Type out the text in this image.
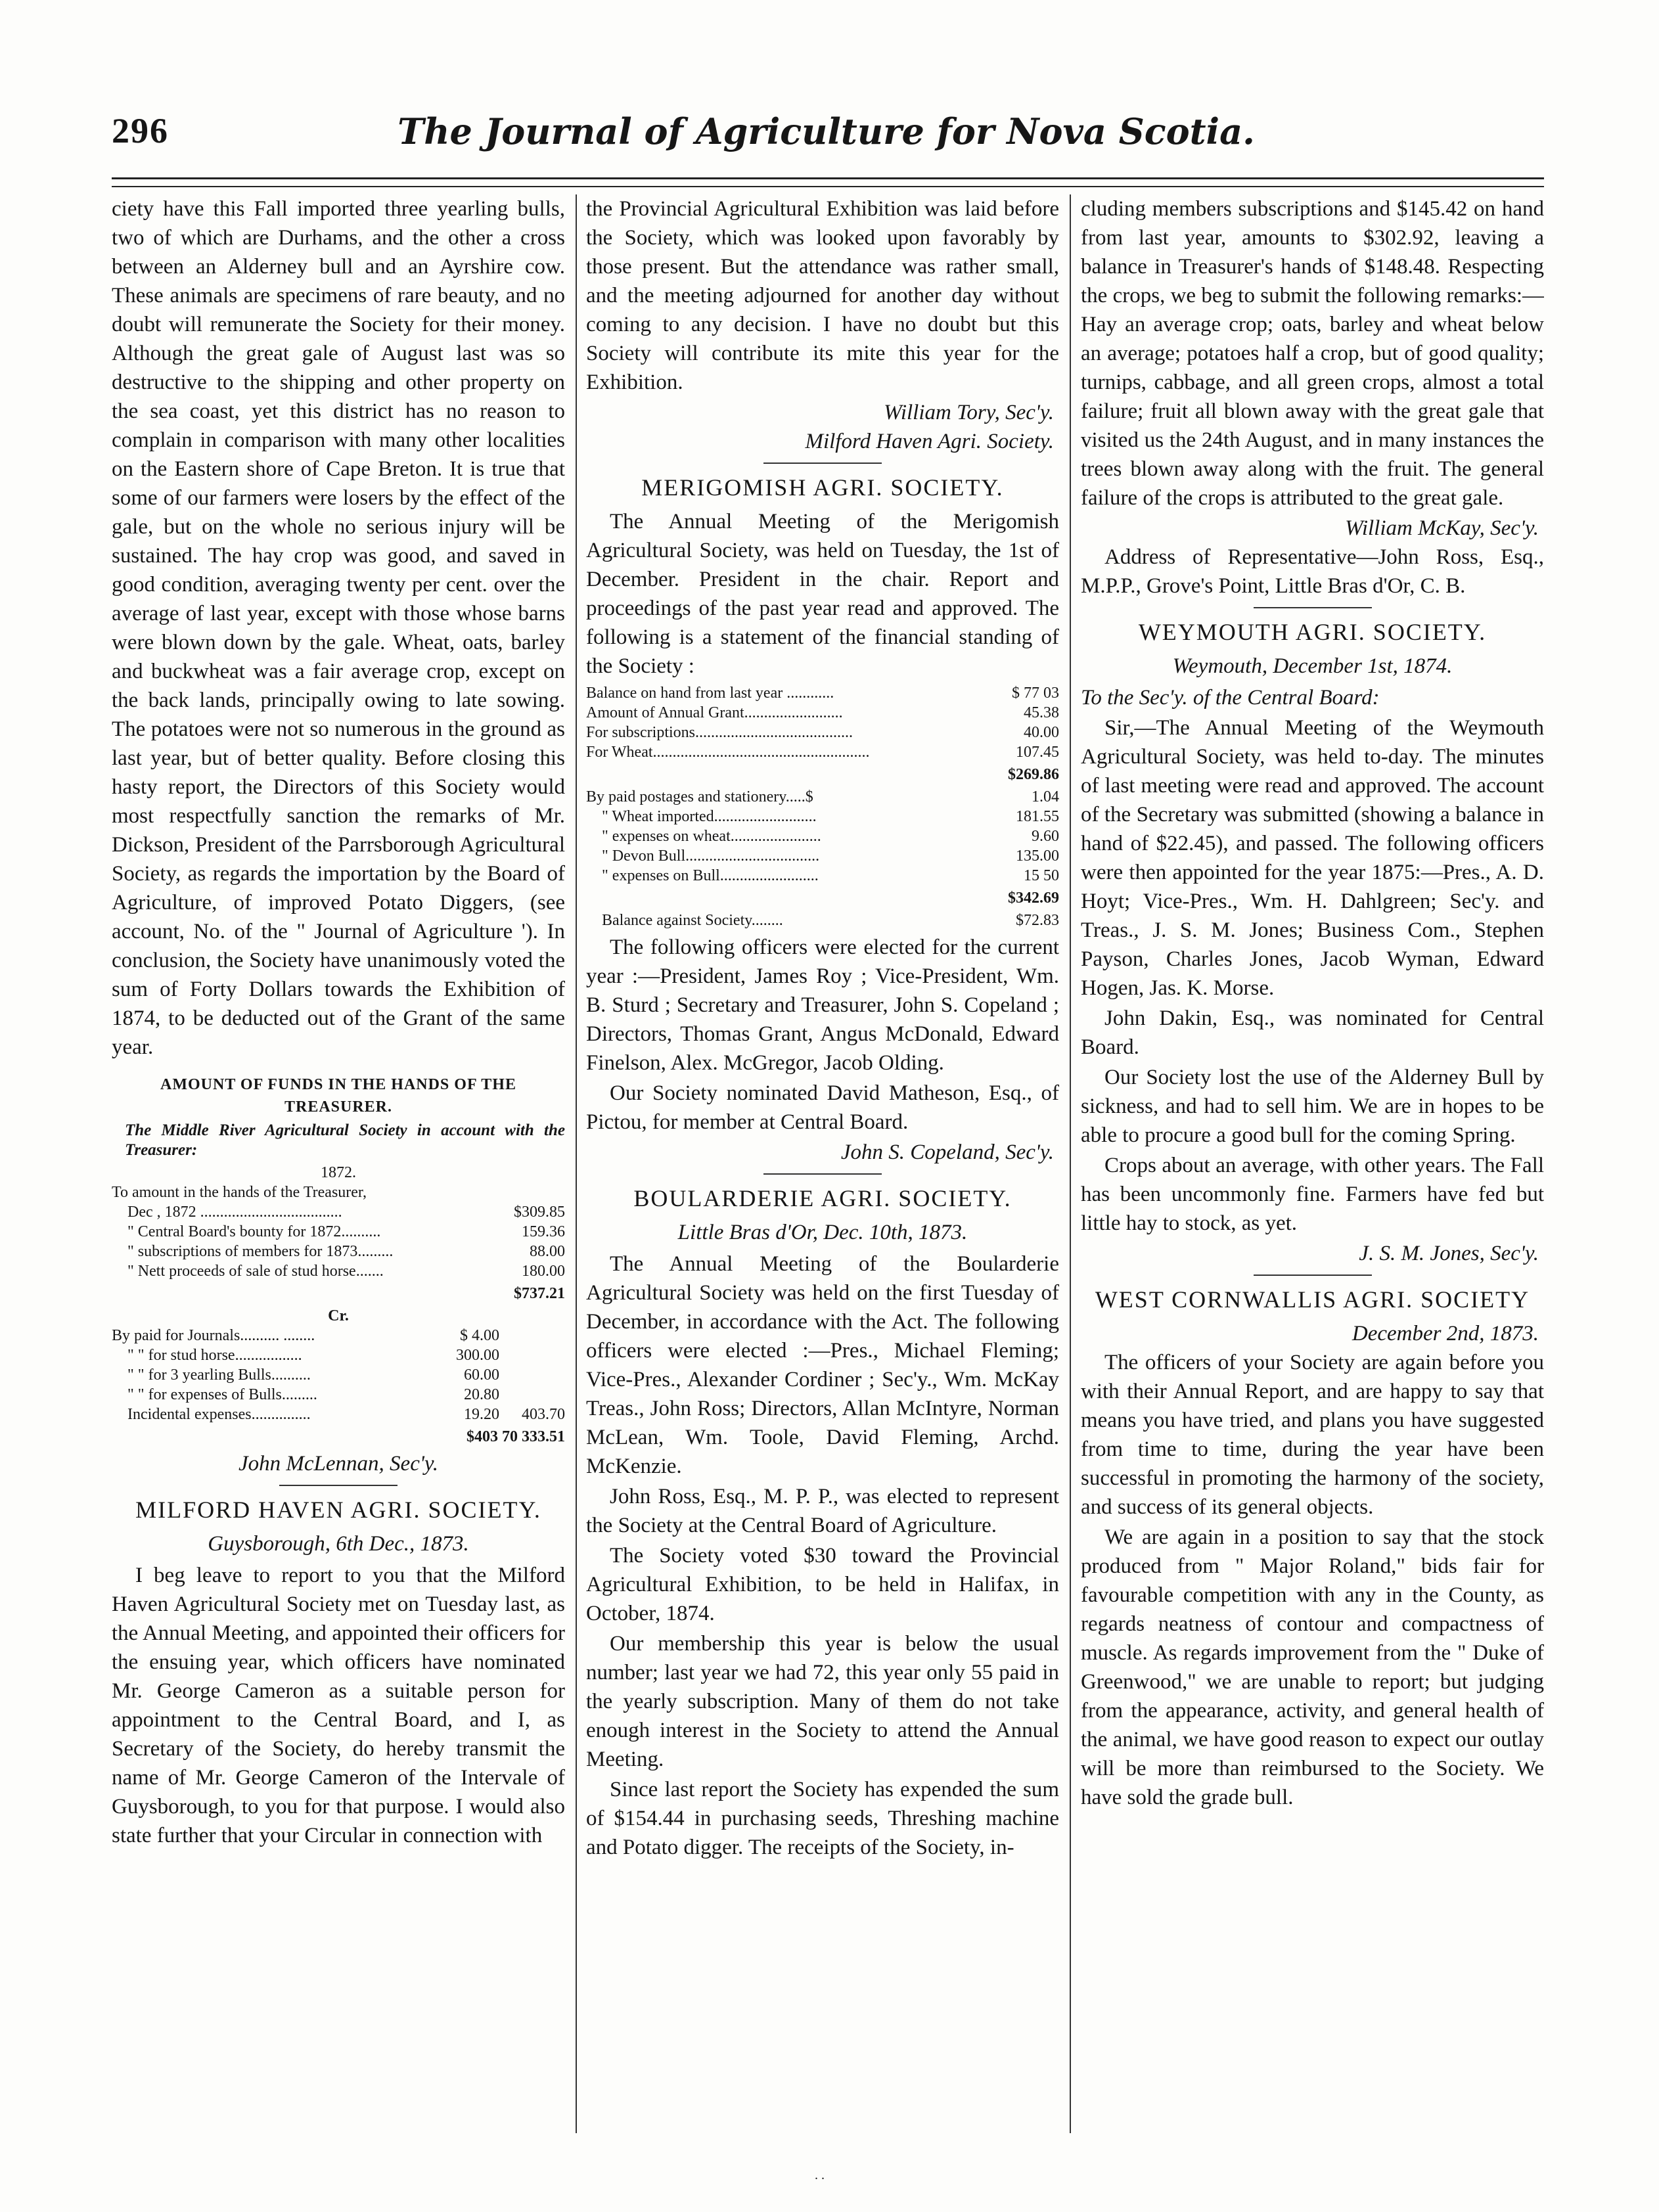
296	The Journal of Agriculture for Nova Scotia.

ciety have this Fall imported three yearling bulls, two of which are Durhams, and the other a cross between an Alderney bull and an Ayrshire cow. These animals are specimens of rare beauty, and no doubt will remunerate the Society for their money. Although the great gale of August last was so destructive to the shipping and other property on the sea coast, yet this district has no reason to complain in comparison with many other localities on the Eastern shore of Cape Breton. It is true that some of our farmers were losers by the effect of the gale, but on the whole no serious injury will be sustained. The hay crop was good, and saved in good condition, averaging twenty per cent. over the average of last year, except with those whose barns were blown down by the gale. Wheat, oats, barley and buckwheat was a fair average crop, except on the back lands, principally owing to late sowing. The potatoes were not so numerous in the ground as last year, but of better quality. Before closing this hasty report, the Directors of this Society would most respectfully sanction the remarks of Mr. Dickson, President of the Parrsborough Agricultural Society, as regards the importation by the Board of Agriculture, of improved Potato Diggers, (see account, No. of the " Journal of Agriculture '). In conclusion, the Society have unanimously voted the sum of Forty Dollars towards the Exhibition of 1874, to be deducted out of the Grant of the same year.

AMOUNT OF FUNDS IN THE HANDS OF THE TREASURER.
The Middle River Agricultural Society in account with the Treasurer:
1872.
To amount in the hands of the Treasurer,
Dec , 1872 ....................................	$309.85
" Central Board's bounty for 1872..........	159.36
" subscriptions of members for 1873.........	88.00
" Nett proceeds of sale of stud horse.......	180.00
$737.21
Cr.
By paid for Journals.......... ........	$ 4.00
" " for stud horse.................	300.00
" " for 3 yearling Bulls..........	60.00
" " for expenses of Bulls.........	20.80
Incidental expenses...............	19.20	403.70
$403 70 333.51
John McLennan, Sec'y.
MILFORD HAVEN AGRI. SOCIETY.
Guysborough, 6th Dec., 1873.

I beg leave to report to you that the Milford Haven Agricultural Society met on Tuesday last, as the Annual Meeting, and appointed their officers for the ensuing year, which officers have nominated Mr. George Cameron as a suitable person for appointment to the Central Board, and I, as Secretary of the Society, do hereby transmit the name of Mr. George Cameron of the Intervale of Guysborough, to you for that purpose. I would also state further that your Circular in connection with

the Provincial Agricultural Exhibition was laid before the Society, which was looked upon favorably by those present. But the attendance was rather small, and the meeting adjourned for another day without coming to any decision. I have no doubt but this Society will contribute its mite this year for the Exhibition.

William Tory, Sec'y.
Milford Haven Agri. Society.
MERIGOMISH AGRI. SOCIETY.

The Annual Meeting of the Merigomish Agricultural Society, was held on Tuesday, the 1st of December. President in the chair. Report and proceedings of the past year read and approved. The following is a statement of the financial standing of the Society :

Balance on hand from last year ............	$ 77 03
Amount of Annual Grant.........................	45.38
For subscriptions........................................	40.00
For Wheat.......................................................	107.45
$269.86
By paid postages and stationery.....$	1.04
" Wheat imported..........................	181.55
" expenses on wheat.......................	9.60
" Devon Bull..................................	135.00
" expenses on Bull.........................	15 50
$342.69
Balance against Society........	$72.83

The following officers were elected for the current year :—President, James Roy ; Vice-President, Wm. B. Sturd ; Secretary and Treasurer, John S. Copeland ; Directors, Thomas Grant, Angus McDonald, Edward Finelson, Alex. McGregor, Jacob Olding.

Our Society nominated David Matheson, Esq., of Pictou, for member at Central Board.

John S. Copeland, Sec'y.
BOULARDERIE AGRI. SOCIETY.
Little Bras d'Or, Dec. 10th, 1873.

The Annual Meeting of the Boularderie Agricultural Society was held on the first Tuesday of December, in accordance with the Act. The following officers were elected :—Pres., Michael Fleming; Vice-Pres., Alexander Cordiner ; Sec'y., Wm. McKay Treas., John Ross; Directors, Allan McIntyre, Norman McLean, Wm. Toole, David Fleming, Archd. McKenzie.

John Ross, Esq., M. P. P., was elected to represent the Society at the Central Board of Agriculture.

The Society voted $30 toward the Provincial Agricultural Exhibition, to be held in Halifax, in October, 1874.

Our membership this year is below the usual number; last year we had 72, this year only 55 paid in the yearly subscription. Many of them do not take enough interest in the Society to attend the Annual Meeting.

Since last report the Society has expended the sum of $154.44 in purchasing seeds, Threshing machine and Potato digger. The receipts of the Society, in-

cluding members subscriptions and $145.42 on hand from last year, amounts to $302.92, leaving a balance in Treasurer's hands of $148.48. Respecting the crops, we beg to submit the following remarks:—Hay an average crop; oats, barley and wheat below an average; potatoes half a crop, but of good quality; turnips, cabbage, and all green crops, almost a total failure; fruit all blown away with the great gale that visited us the 24th August, and in many instances the trees blown away along with the fruit. The general failure of the crops is attributed to the great gale.

William McKay, Sec'y.

Address of Representative—John Ross, Esq., M.P.P., Grove's Point, Little Bras d'Or, C. B.

WEYMOUTH AGRI. SOCIETY.
Weymouth, December 1st, 1874.

To the Sec'y. of the Central Board:

Sir,—The Annual Meeting of the Weymouth Agricultural Society, was held to-day. The minutes of last meeting were read and approved. The account of the Secretary was submitted (showing a balance in hand of $22.45), and passed. The following officers were then appointed for the year 1875:—Pres., A. D. Hoyt; Vice-Pres., Wm. H. Dahlgreen; Sec'y. and Treas., J. S. M. Jones; Business Com., Stephen Payson, Charles Jones, Jacob Wyman, Edward Hogen, Jas. K. Morse.

John Dakin, Esq., was nominated for Central Board.

Our Society lost the use of the Alderney Bull by sickness, and had to sell him. We are in hopes to be able to procure a good bull for the coming Spring.

Crops about an average, with other years. The Fall has been uncommonly fine. Farmers have fed but little hay to stock, as yet.

J. S. M. Jones, Sec'y.
WEST CORNWALLIS AGRI. SOCIETY
December 2nd, 1873.

The officers of your Society are again before you with their Annual Report, and are happy to say that means you have tried, and plans you have suggested from time to time, during the year have been successful in promoting the harmony of the society, and success of its general objects.

We are again in a position to say that the stock produced from " Major Roland," bids fair for favourable competition with any in the County, as regards neatness of contour and compactness of muscle. As regards improvement from the " Duke of Greenwood," we are unable to report; but judging from the appearance, activity, and general health of the animal, we have good reason to expect our outlay will be more than reimbursed to the Society. We have sold the grade bull.

. .
